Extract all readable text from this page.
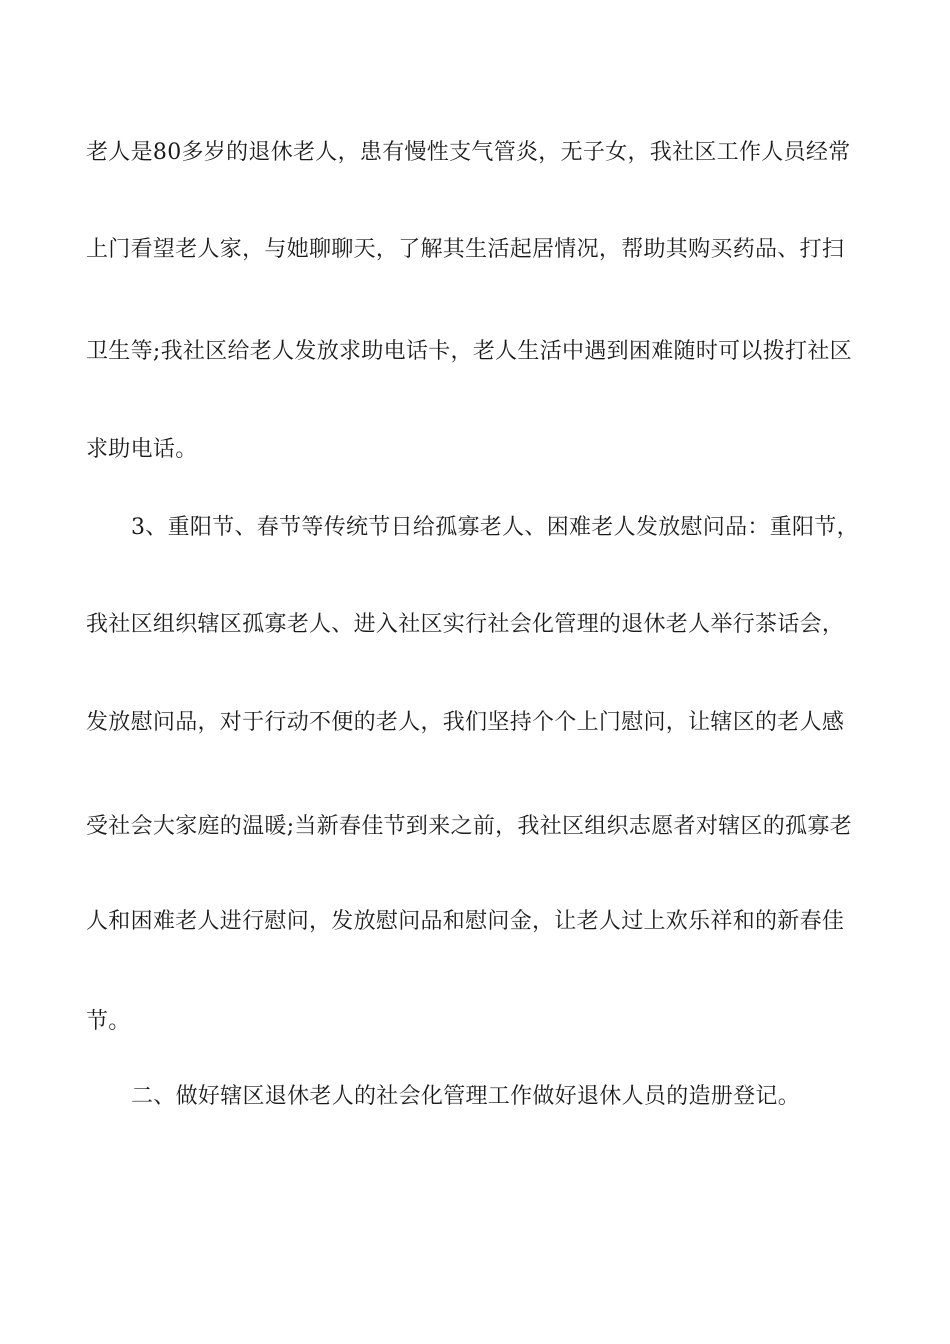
老人是80多岁的退休老人，患有慢性支气管炎，无子女，我社区工作人员经常
上门看望老人家，与她聊聊天，了解其生活起居情况，帮助其购买药品、打扫
卫生等;我社区给老人发放求助电话卡，老人生活中遇到困难随时可以拨打社区
求助电话。
3、重阳节、春节等传统节日给孤寡老人、困难老人发放慰问品：重阳节，
我社区组织辖区孤寡老人、进入社区实行社会化管理的退休老人举行茶话会，
发放慰问品，对于行动不便的老人，我们坚持个个上门慰问，让辖区的老人感
受社会大家庭的温暖;当新春佳节到来之前，我社区组织志愿者对辖区的孤寡老
人和困难老人进行慰问，发放慰问品和慰问金，让老人过上欢乐祥和的新春佳
节。
二、做好辖区退休老人的社会化管理工作做好退休人员的造册登记。
